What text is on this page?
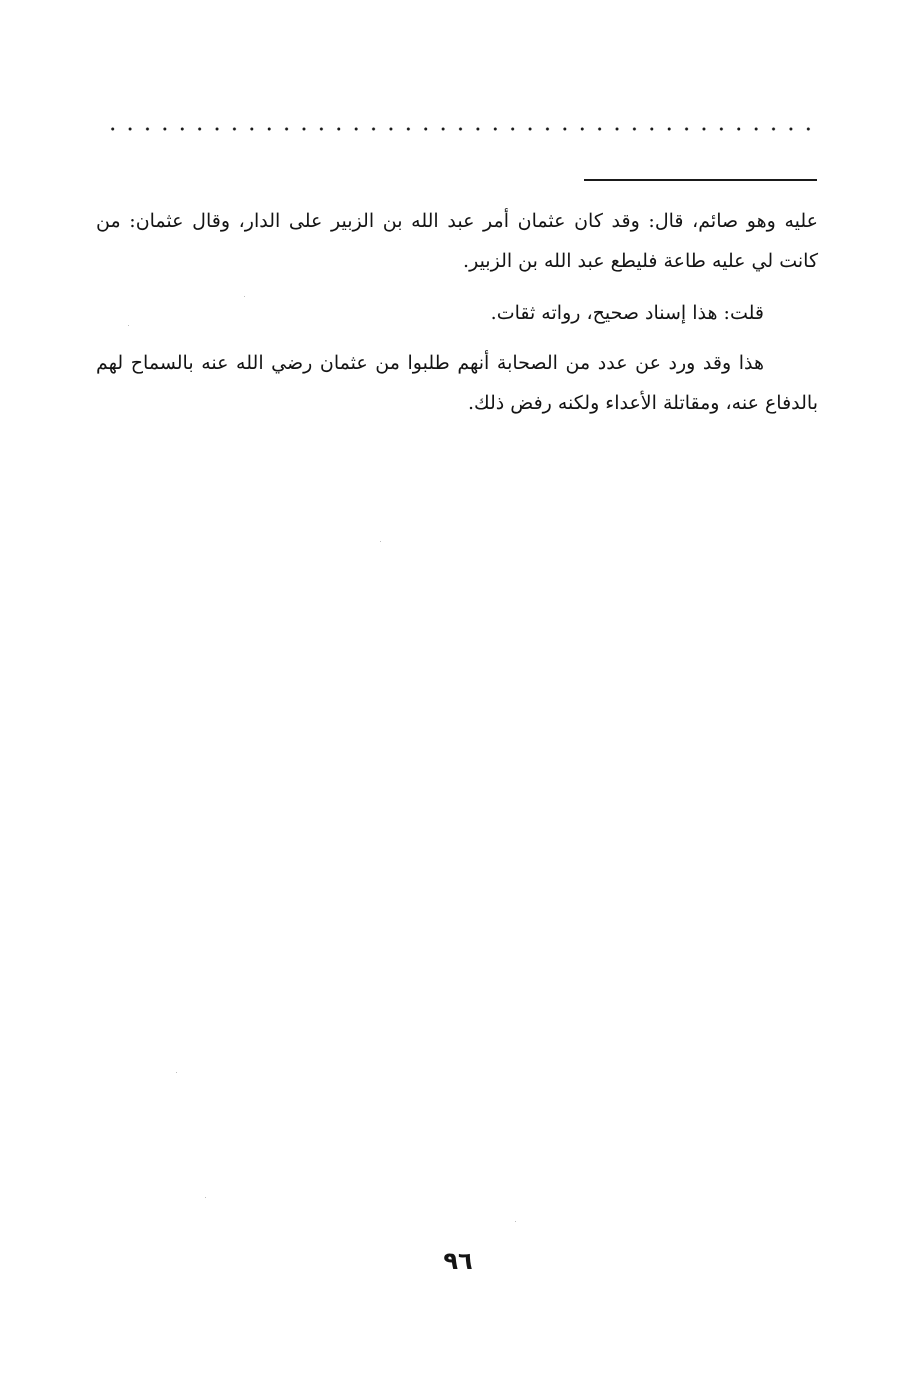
عليه وهو صائم، قال: وقد كان عثمان أمر عبد الله بن الزبير على الدار، وقال عثمان: من كانت لي عليه طاعة فليطع عبد الله بن الزبير.

قلت: هذا إسناد صحيح، رواته ثقات.

هذا وقد ورد عن عدد من الصحابة أنهم طلبوا من عثمان رضي الله عنه بالسماح لهم بالدفاع عنه، ومقاتلة الأعداء ولكنه رفض ذلك.

٩٦
